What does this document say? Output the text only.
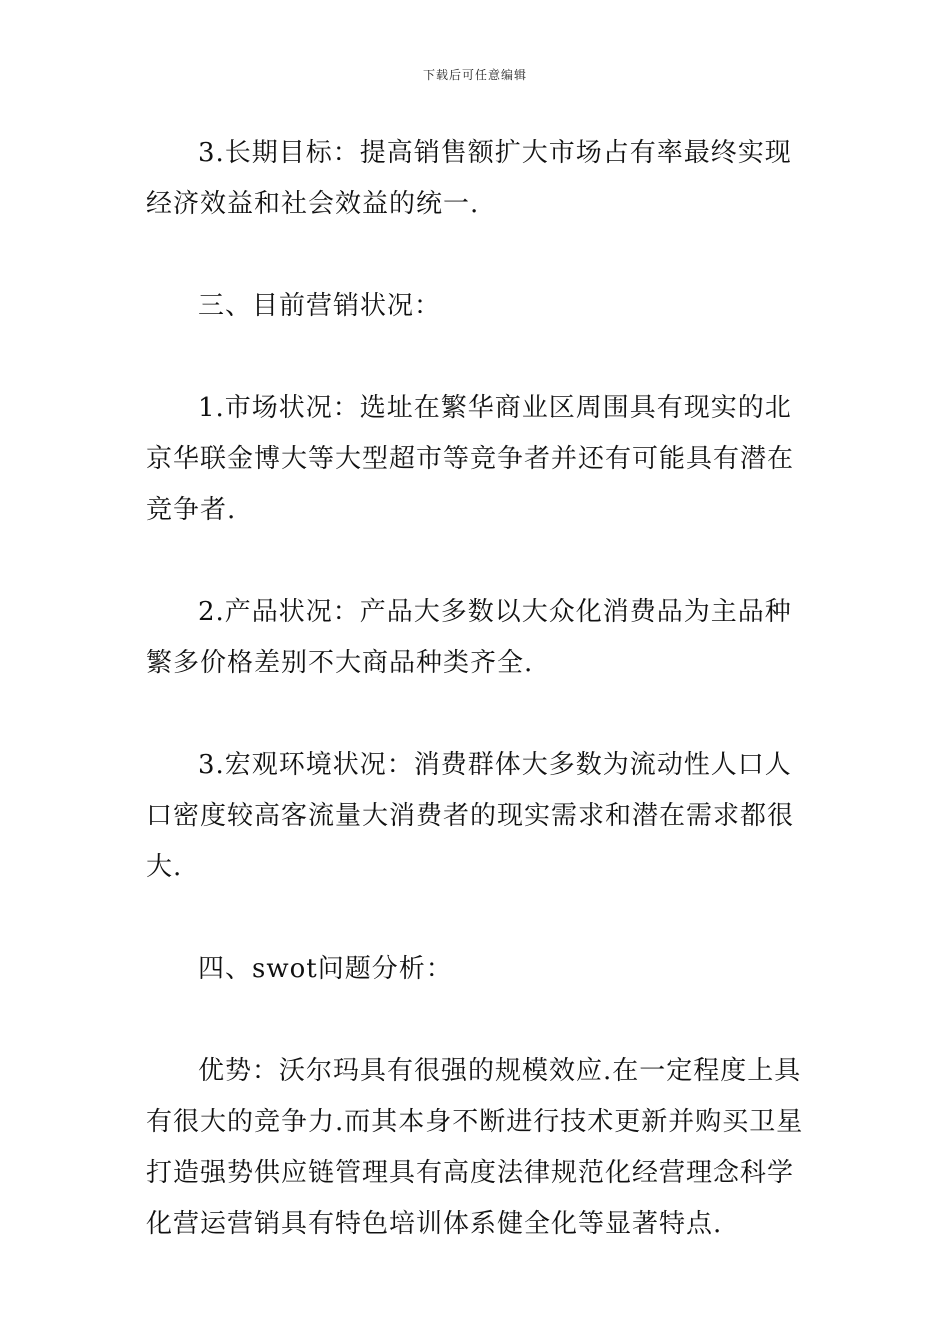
下载后可任意编辑

3.长期目标：提高销售额扩大市场占有率最终实现经济效益和社会效益的统一.

三、目前营销状况：

1.市场状况：选址在繁华商业区周围具有现实的北京华联金博大等大型超市等竞争者并还有可能具有潜在竞争者.

2.产品状况：产品大多数以大众化消费品为主品种繁多价格差别不大商品种类齐全.

3.宏观环境状况：消费群体大多数为流动性人口人口密度较高客流量大消费者的现实需求和潜在需求都很大.

四、swot问题分析：

优势：沃尔玛具有很强的规模效应.在一定程度上具有很大的竞争力.而其本身不断进行技术更新并购买卫星打造强势供应链管理具有高度法律规范化经营理念科学化营运营销具有特色培训体系健全化等显著特点.
